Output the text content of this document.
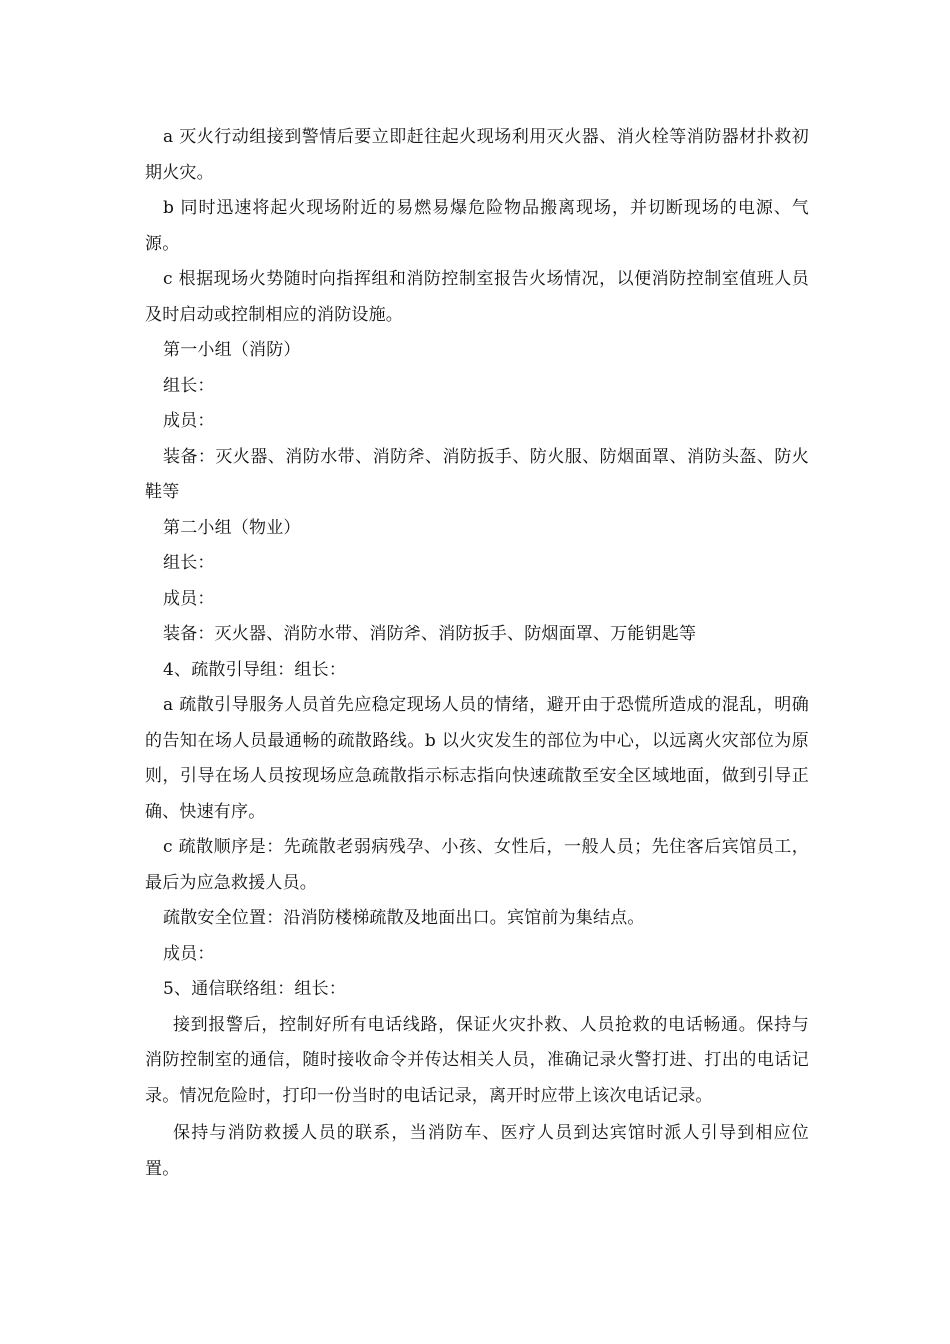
a 灭火行动组接到警情后要立即赶往起火现场利用灭火器、消火栓等消防器材扑救初期火灾。

b 同时迅速将起火现场附近的易燃易爆危险物品搬离现场，并切断现场的电源、气源。

c 根据现场火势随时向指挥组和消防控制室报告火场情况，以便消防控制室值班人员及时启动或控制相应的消防设施。

第一小组（消防）

组长：

成员：

装备：灭火器、消防水带、消防斧、消防扳手、防火服、防烟面罩、消防头盔、防火鞋等

第二小组（物业）

组长：

成员：

装备：灭火器、消防水带、消防斧、消防扳手、防烟面罩、万能钥匙等

4、疏散引导组：组长：

a 疏散引导服务人员首先应稳定现场人员的情绪，避开由于恐慌所造成的混乱，明确的告知在场人员最通畅的疏散路线。b 以火灾发生的部位为中心，以远离火灾部位为原则，引导在场人员按现场应急疏散指示标志指向快速疏散至安全区域地面，做到引导正确、快速有序。

c 疏散顺序是：先疏散老弱病残孕、小孩、女性后，一般人员；先住客后宾馆员工，最后为应急救援人员。

疏散安全位置：沿消防楼梯疏散及地面出口。宾馆前为集结点。

成员：

5、通信联络组：组长：

接到报警后，控制好所有电话线路，保证火灾扑救、人员抢救的电话畅通。保持与消防控制室的通信，随时接收命令并传达相关人员，准确记录火警打进、打出的电话记录。情况危险时，打印一份当时的电话记录，离开时应带上该次电话记录。

保持与消防救援人员的联系，当消防车、医疗人员到达宾馆时派人引导到相应位置。
